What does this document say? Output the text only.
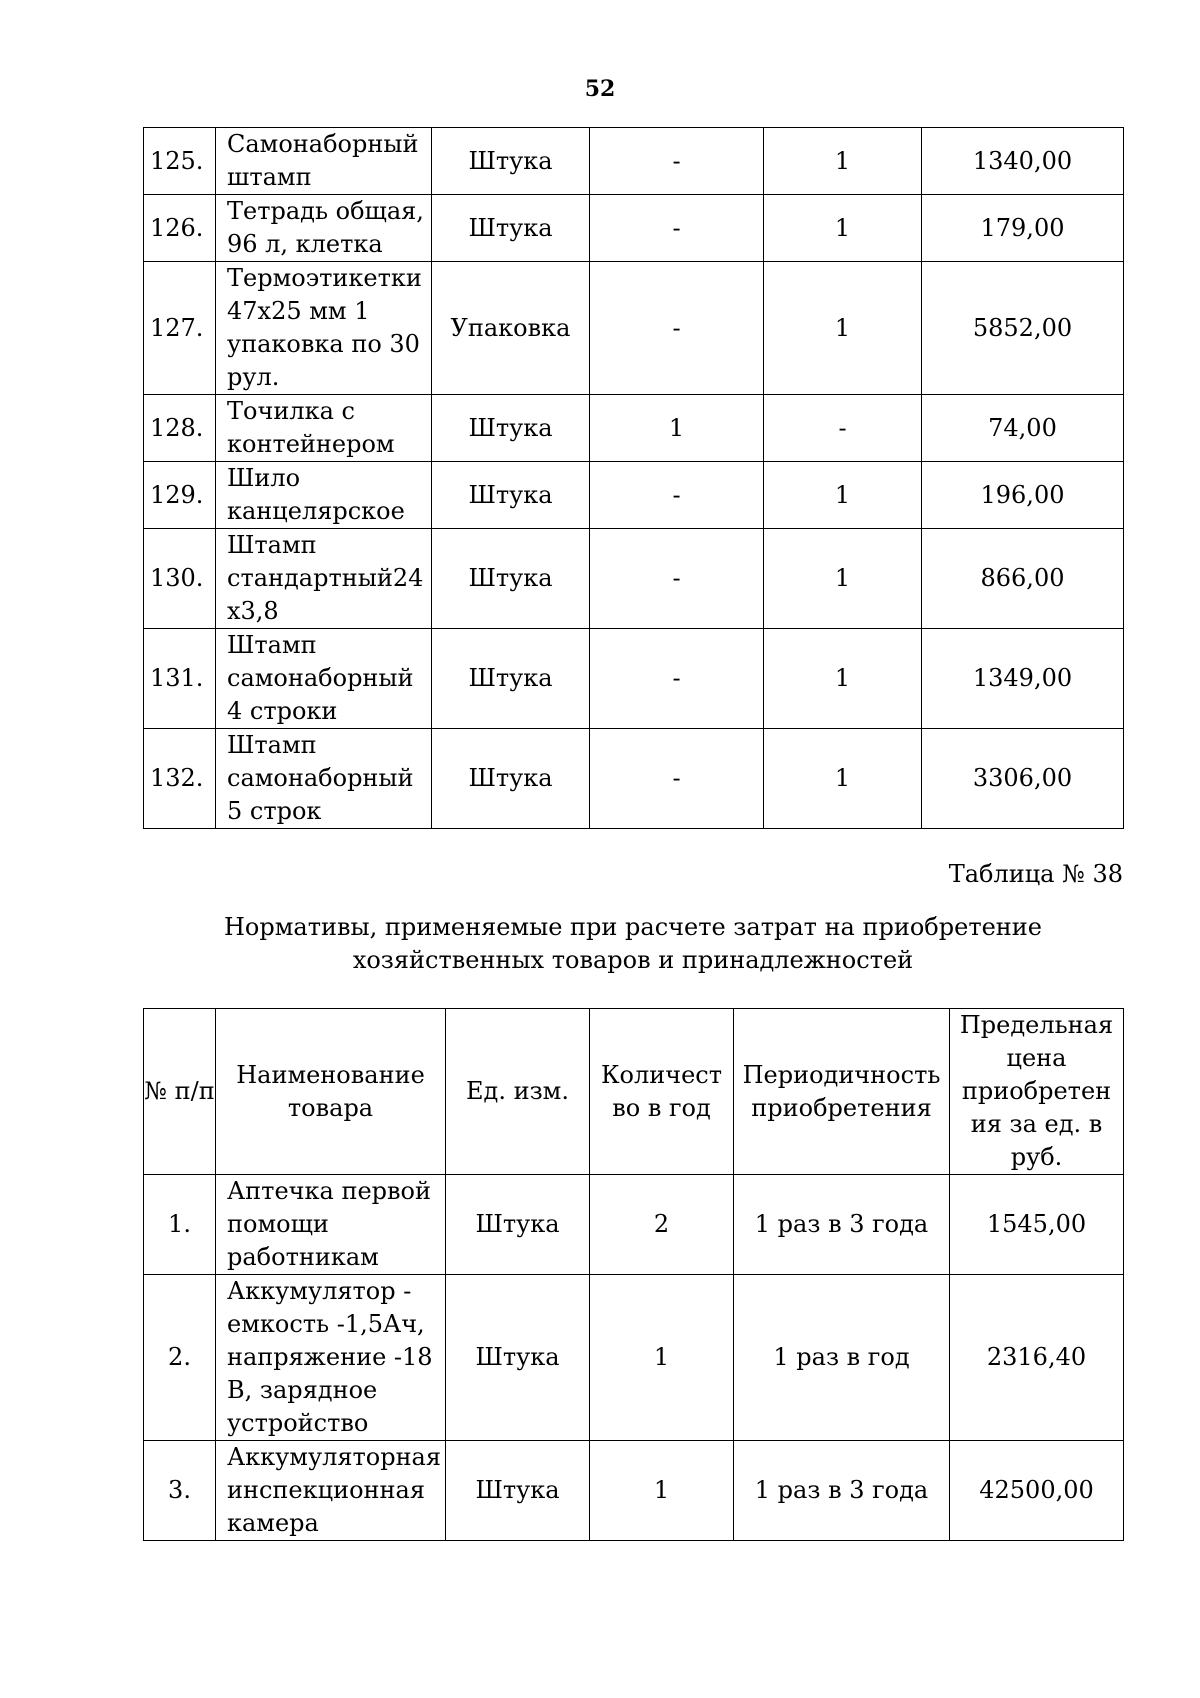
52
125.	Самонаборный штамп	Штука	-	1	1340,00
126.	Тетрадь общая, 96 л, клетка	Штука	-	1	179,00
127.	Термоэтикетки 47х25 мм 1 упаковка по 30 рул.	Упаковка	-	1	5852,00
128.	Точилка с контейнером	Штука	1	-	74,00
129.	Шило канцелярское	Штука	-	1	196,00
130.	Штамп стандартный24 х3,8	Штука	-	1	866,00
131.	Штамп самонаборный 4 строки	Штука	-	1	1349,00
132.	Штамп самонаборный 5 строк	Штука	-	1	3306,00
Таблица № 38
Нормативы, применяемые при расчете затрат на приобретение хозяйственных товаров и принадлежностей
№ п/п	Наименование товара	Ед. изм.	Количест во в год	Периодичность приобретения	Предельная цена приобретен ия за ед. в руб.
1.	Аптечка первой помощи работникам	Штука	2	1 раз в 3 года	1545,00
2.	Аккумулятор - емкость -1,5Ач, напряжение -18 В, зарядное устройство	Штука	1	1 раз в год	2316,40
3.	Аккумуляторная инспекционная камера	Штука	1	1 раз в 3 года	42500,00
